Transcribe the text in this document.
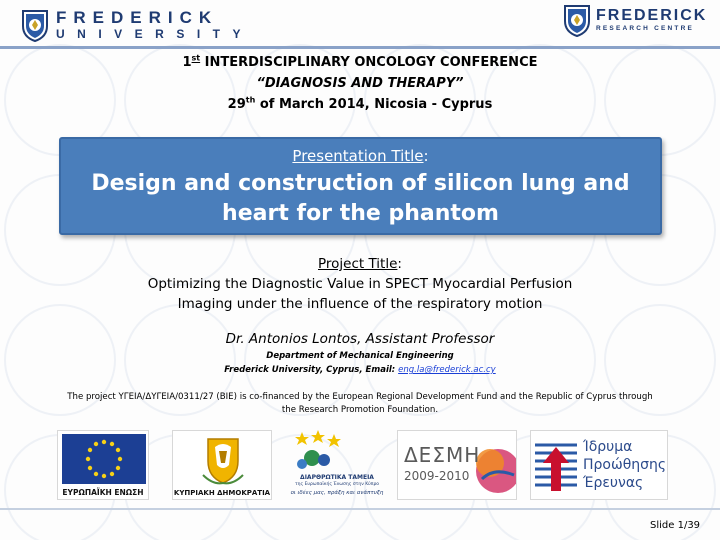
FREDERICK
UNIVERSITY
FREDERICK
RESEARCH CENTRE
1st INTERDISCIPLINARY ONCOLOGY CONFERENCE
“DIAGNOSIS AND THERAPY”
29th of March 2014, Nicosia - Cyprus
Presentation Title:
Design and construction of silicon lung and heart for the phantom
Project Title:
Optimizing the Diagnostic Value in SPECT Myocardial Perfusion
Imaging under the influence of the respiratory motion
Dr. Antonios Lontos, Assistant Professor
Department of Mechanical Engineering
Frederick University, Cyprus, Email: eng.la@frederick.ac.cy
The project ΥΓΕΙΑ/ΔΥΓΕΙΑ/0311/27 (BIE) is co-financed by the European Regional Development Fund and the Republic of Cyprus through the Research Promotion Foundation.
ΕΥΡΩΠΑΪΚΗ ΕΝΩΣΗ	ΚΥΠΡΙΑΚΗ ΔΗΜΟΚΡΑΤΙΑ
ΔΙΑΡΘΡΩΤΙΚΑ ΤΑΜΕΙΑ
της Ευρωπαϊκής Ένωσης στην Κύπρο
οι ιδέες μας, πράξη και ανάπτυξη
ΔΕΣΜΗ
2009-2010
Ίδρυμα
Προώθησης
Έρευνας
Slide 1/39
